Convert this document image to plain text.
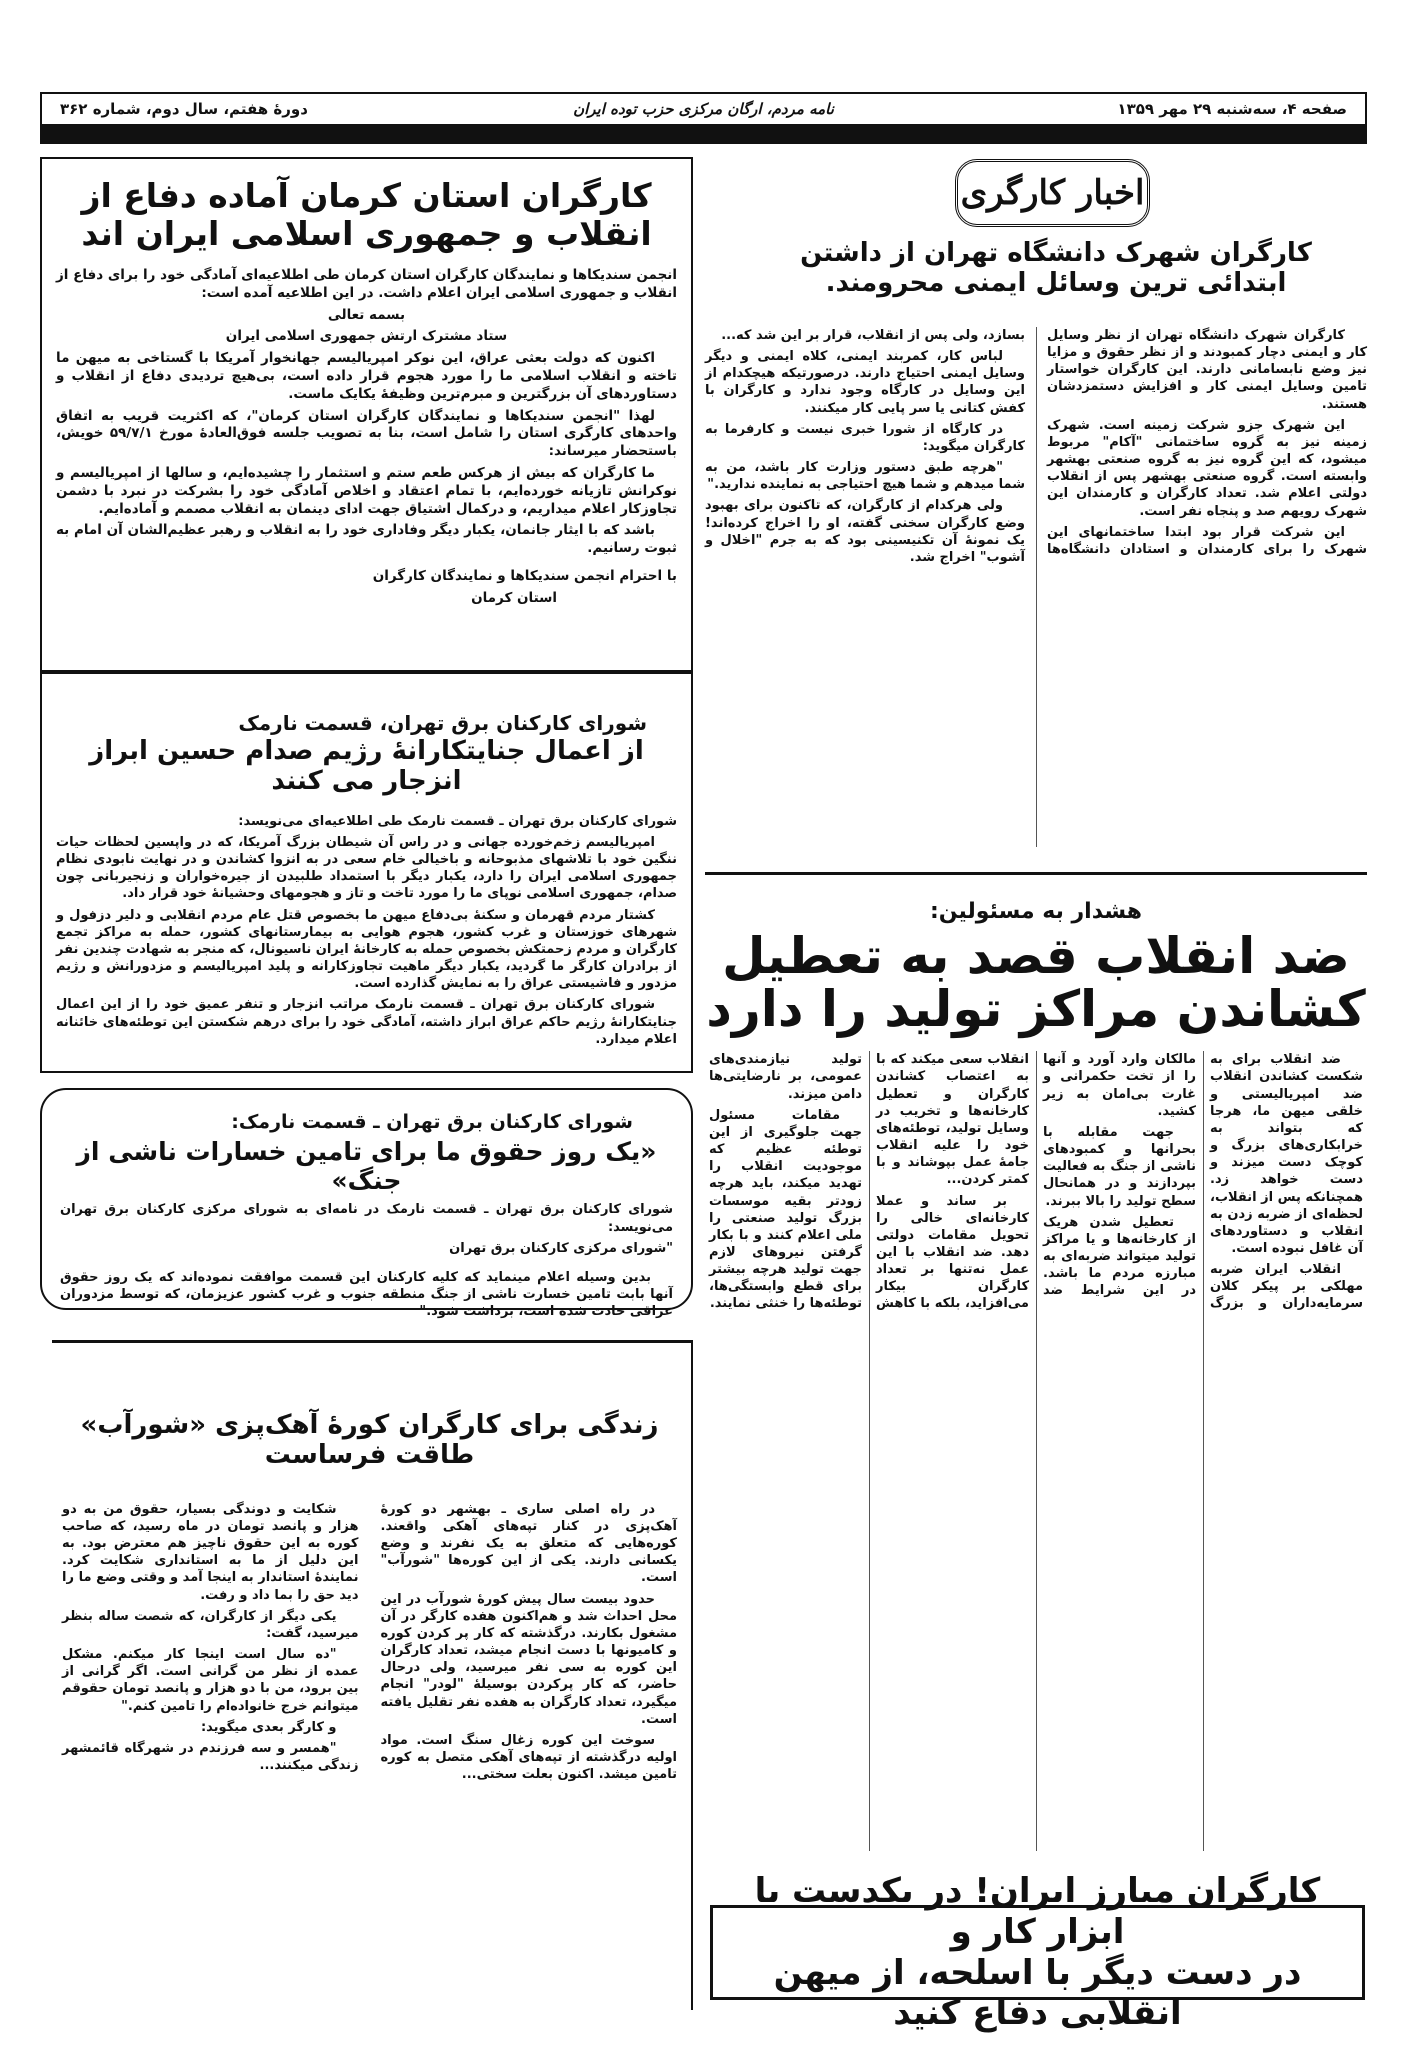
صفحه ۴، سه‌شنبه ۲۹ مهر ۱۳۵۹
نامه مردم، ارگان مرکزی حزب توده ایران
دورهٔ هفتم، سال دوم، شماره ۳۶۲
کارگران استان کرمان آماده دفاع از انقلاب و جمهوری اسلامی ایران اند

انجمن سندیکاها و نمایندگان کارگران استان کرمان طی اطلاعیه‌ای آمادگی خود را برای دفاع از انقلاب و جمهوری اسلامی ایران اعلام داشت. در این اطلاعیه آمده است:

بسمه تعالی

ستاد مشترک ارتش جمهوری اسلامی ایران

اکنون که دولت بعثی عراق، این نوکر امپریالیسم جهانخوار آمریکا با گستاخی به میهن ما تاخته و انقلاب اسلامی ما را مورد هجوم قرار داده است، بی‌هیچ تردیدی دفاع از انقلاب و دستاوردهای آن بزرگترین و مبرم‌ترین وظیفهٔ یکایک ماست.

لهذا "انجمن سندیکاها و نمایندگان کارگران استان کرمان"، که اکثریت قریب به اتفاق واحدهای کارگری استان را شامل است، بنا به تصویب جلسه فوق‌العادهٔ مورخ ۵۹/۷/۱ خویش، باستحضار میرساند:

ما کارگران که بیش از هرکس طعم ستم و استثمار را چشیده‌ایم، و سالها از امپریالیسم و نوکرانش تازیانه خورده‌ایم، با تمام اعتقاد و اخلاص آمادگی خود را بشرکت در نبرد با دشمن تجاوزکار اعلام میداریم، و درکمال اشتیاق جهت ادای دینمان به انقلاب مصمم و آماده‌ایم.

باشد که با ایثار جانمان، یکبار دیگر وفاداری خود را به انقلاب و رهبر عظیم‌الشان آن امام به ثبوت رسانیم.

با احترام انجمن سندیکاها و نمایندگان کارگران

استان کرمان

شورای کارکنان برق تهران، قسمت نارمک
از اعمال جنایتکارانهٔ رژیم صدام حسین ابراز انزجار می کنند

شورای کارکنان برق تهران ـ قسمت نارمک طی اطلاعیه‌ای می‌نویسد:

امپریالیسم زخم‌خورده جهانی و در راس آن شیطان بزرگ آمریکا، که در واپسین لحظات حیات ننگین خود با تلاشهای مذبوحانه و باخیالی خام سعی در به انزوا کشاندن و در نهایت نابودی نظام جمهوری اسلامی ایران را دارد، یکبار دیگر با استمداد طلبیدن از جیره‌خواران و زنجیربانی چون صدام، جمهوری اسلامی نوپای ما را مورد تاخت و تاز و هجومهای وحشیانهٔ خود قرار داد.

کشتار مردم قهرمان و سکنهٔ بی‌دفاع میهن ما بخصوص قتل عام مردم انقلابی و دلیر دزفول و شهرهای خوزستان و غرب کشور، هجوم هوایی به بیمارستانهای کشور، حمله به مراکز تجمع کارگران و مردم زحمتکش بخصوص حمله به کارخانهٔ ایران ناسیونال، که منجر به شهادت چندین نفر از برادران کارگر ما گردید، یکبار دیگر ماهیت تجاوزکارانه و پلید امپریالیسم و مزدورانش و رژیم مزدور و فاشیستی عراق را به نمایش گذارده است.

شورای کارکنان برق تهران ـ قسمت نارمک مراتب انزجار و تنفر عمیق خود را از این اعمال جنایتکارانهٔ رژیم حاکم عراق ابراز داشته، آمادگی خود را برای درهم شکستن این توطئه‌های خائنانه اعلام میدارد.

شورای کارکنان برق تهران ـ قسمت نارمک:
«یک روز حقوق ما برای تامین خسارات ناشی از جنگ»

شورای کارکنان برق تهران ـ قسمت نارمک در نامه‌ای به شورای مرکزی کارکنان برق تهران می‌نویسد:

"شورای مرکزی کارکنان برق تهران

بدین وسیله اعلام مینماید که کلیه کارکنان این قسمت موافقت نموده‌اند که یک روز حقوق آنها بابت تامین خسارت ناشی از جنگ منطقه جنوب و غرب کشور عزیزمان، که توسط مزدوران عراقی حادث شده است، برداشت شود."

زندگی برای کارگران کورهٔ آهک‌پزی «شورآب»
طاقت فرساست

در راه اصلی ساری ـ بهشهر دو کورهٔ آهک‌پزی در کنار تپه‌های آهکی واقعند. کوره‌هایی که متعلق به یک نفرند و وضع یکسانی دارند. یکی از این کوره‌ها "شورآب" است.

حدود بیست سال پیش کورهٔ شورآب در این محل احداث شد و هم‌اکنون هفده کارگر در آن مشغول بکارند. درگذشته که کار پر کردن کوره و کامیونها با دست انجام میشد، تعداد کارگران این کوره به سی نفر میرسید، ولی درحال حاضر، که کار پرکردن بوسیلهٔ "لودر" انجام میگیرد، تعداد کارگران به هفده نفر تقلیل یافته است.

سوخت این کوره زغال سنگ است. مواد اولیه درگذشته از تپه‌های آهکی متصل به کوره تامین میشد. اکنون بعلت سختی...

شکایت و دوندگی بسیار، حقوق من به دو هزار و پانصد تومان در ماه رسید، که صاحب کوره به این حقوق ناچیز هم معترض بود. به این دلیل از ما به استانداری شکایت کرد. نمایندهٔ استاندار به اینجا آمد و وقتی وضع ما را دید حق را بما داد و رفت.

یکی دیگر از کارگران، که شصت ساله بنظر میرسید، گفت:

"ده سال است اینجا کار میکنم. مشکل عمده از نظر من گرانی است. اگر گرانی از بین برود، من با دو هزار و پانصد تومان حقوقم میتوانم خرج خانواده‌ام را تامین کنم."

و کارگر بعدی میگوید:

"همسر و سه فرزندم در شهرگاه قائمشهر زندگی میکنند...

اخبار کارگری
کارگران شهرک دانشگاه تهران از داشتن ابتدائی ترین وسائل ایمنی محرومند.

کارگران شهرک دانشگاه تهران از نظر وسایل کار و ایمنی دچار کمبودند و از نظر حقوق و مزایا نیز وضع نابسامانی دارند. این کارگران خواستار تامین وسایل ایمنی کار و افزایش دستمزدشان هستند.

این شهرک جزو شرکت زمینه است. شهرک زمینه نیز به گروه ساختمانی "آکام" مربوط میشود، که این گروه نیز به گروه صنعتی بهشهر وابسته است. گروه صنعتی بهشهر پس از انقلاب دولتی اعلام شد. تعداد کارگران و کارمندان این شهرک رویهم صد و پنجاه نفر است.

این شرکت قرار بود ابتدا ساختمانهای این شهرک را برای کارمندان و استادان دانشگاه‌ها بسازد، ولی پس از انقلاب، قرار بر این شد که...

لباس کار، کمربند ایمنی، کلاه ایمنی و دیگر وسایل ایمنی احتیاج دارند. درصورتیکه هیچکدام از این وسایل در کارگاه وجود ندارد و کارگران با کفش کتانی یا سر پایی کار میکنند.

در کارگاه از شورا خبری نیست و کارفرما به کارگران میگوید:

"هرچه طبق دستور وزارت کار باشد، من به شما میدهم و شما هیچ احتیاجی به نماینده ندارید."

ولی هرکدام از کارگران، که تاکنون برای بهبود وضع کارگران سخنی گفته، او را اخراج کرده‌اند! یک نمونهٔ آن تکنیسینی بود که به جرم "اخلال و آشوب" اخراج شد.

هشدار به مسئولین:
ضد انقلاب قصد به تعطیل
کشاندن مراکز تولید را دارد

ضد انقلاب برای به شکست کشاندن انقلاب ضد امپریالیستی و خلقی میهن ما، هرجا که بتواند به خرابکاری‌های بزرگ و کوچک دست میزند و دست خواهد زد. همچنانکه پس از انقلاب، لحظه‌ای از ضربه زدن به انقلاب و دستاوردهای آن غافل نبوده است.

انقلاب ایران ضربه مهلکی بر پیکر کلان سرمایه‌داران و بزرگ مالکان وارد آورد و آنها را از تخت حکمرانی و غارت بی‌امان به زیر کشید.

جهت مقابله با بحرانها و کمبودهای ناشی از جنگ به فعالیت بپردازند و در همانحال سطح تولید را بالا ببرند.

تعطیل شدن هریک از کارخانه‌ها و یا مراکز تولید میتواند ضربه‌ای به مبارزه مردم ما باشد. در این شرایط ضد انقلاب سعی میکند که با به اعتصاب کشاندن کارگران و تعطیل کارخانه‌ها و تخریب در وسایل تولید، توطئه‌های خود را علیه انقلاب جامهٔ عمل بپوشاند و با کمتر کردن...

بر ساند و عملا کارخانه‌ای خالی را تحویل مقامات دولتی دهد. ضد انقلاب با این عمل نه‌تنها بر تعداد کارگران بیکار می‌افزاید، بلکه با کاهش تولید نیازمندی‌های عمومی، بر نارضایتی‌ها دامن میزند.

مقامات مسئول جهت جلوگیری از این توطئه عظیم که موجودیت انقلاب را تهدید میکند، باید هرچه زودتر بقیه موسسات بزرگ تولید صنعتی را ملی اعلام کنند و با بکار گرفتن نیروهای لازم جهت تولید هرچه بیشتر برای قطع وابستگی‌ها، توطئه‌ها را خنثی نمایند.

کارگران مبارز ایران! در یکدست با ابزار کار و
در دست دیگر با اسلحه، از میهن انقلابی دفاع کنید
